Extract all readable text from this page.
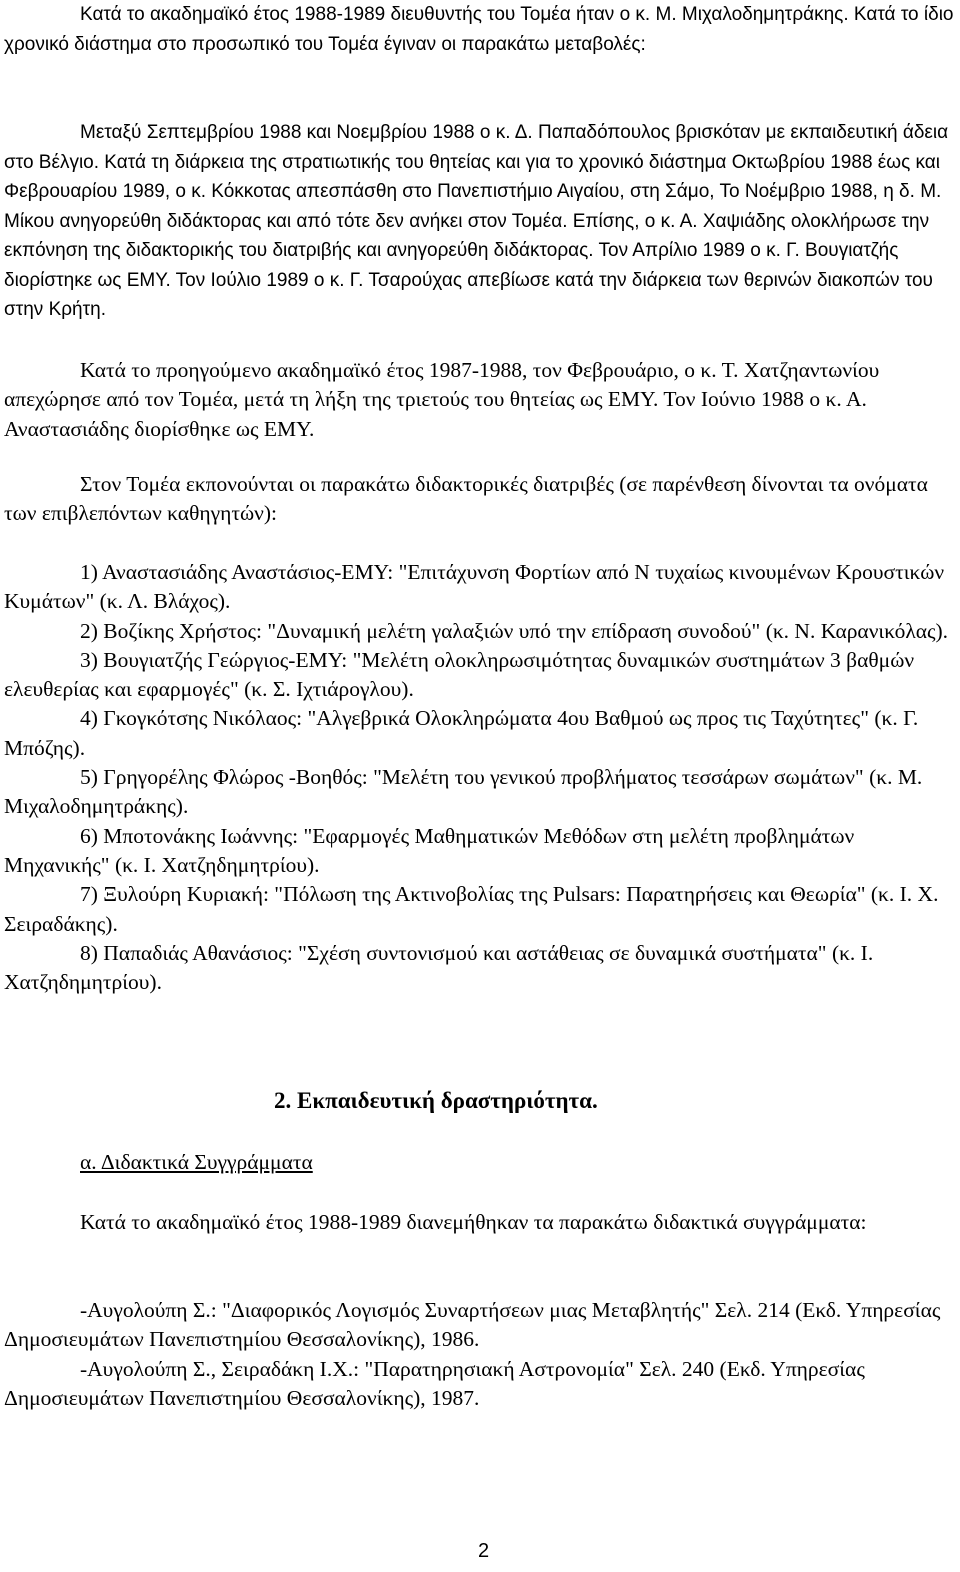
Κατά το ακαδημαϊκό έτος 1988-1989 διευθυντής του Τομέα ήταν ο κ. Μ. Μιχαλοδημητράκης. Κατά το ίδιο χρονικό διάστημα στο προσωπικό του Τομέα έγιναν οι παρακάτω μεταβολές:

Μεταξύ Σεπτεμβρίου 1988 και Νοεμβρίου 1988 ο κ. Δ. Παπαδόπουλος βρισκόταν με εκπαιδευτική άδεια στο Βέλγιο. Κατά τη διάρκεια της στρατιωτικής του θητείας και για το χρονικό διάστημα Οκτωβρίου 1988 έως και Φεβρουαρίου 1989, ο κ. Κόκκοτας απεσπάσθη στο Πανεπιστήμιο Αιγαίου, στη Σάμο, Το Νοέμβριο 1988, η δ. Μ. Μίκου ανηγορεύθη διδάκτορας και από τότε δεν ανήκει στον Τομέα. Επίσης, ο κ. Α. Χαψιάδης ολοκλήρωσε την εκπόνηση της διδακτορικής του διατριβής και ανηγορεύθη διδάκτορας. Τον Απρίλιο 1989 ο κ. Γ. Βουγιατζής διορίστηκε ως ΕΜΥ. Τον Ιούλιο 1989 ο κ. Γ. Τσαρούχας απεβίωσε κατά την διάρκεια των θερινών διακοπών του στην Κρήτη.

Κατά το προηγούμενο ακαδημαϊκό έτος 1987-1988, τον Φεβρουάριο, ο κ. Τ. Χατζηαντωνίου απεχώρησε από τον Τομέα, μετά τη λήξη της τριετούς του θητείας ως ΕΜΥ. Τον Ιούνιο 1988 ο κ. Α. Αναστασιάδης διορίσθηκε ως ΕΜΥ.

Στον Τομέα εκπονούνται οι παρακάτω διδακτορικές διατριβές (σε παρένθεση δίνονται τα ονόματα των επιβλεπόντων καθηγητών):

1) Αναστασιάδης Αναστάσιος-ΕΜΥ: "Επιτάχυνση Φορτίων από Ν τυχαίως κινουμένων Κρουστικών Κυμάτων" (κ. Λ. Βλάχος).

2) Βοζίκης Χρήστος: "Δυναμική μελέτη γαλαξιών υπό την επίδραση συνοδού" (κ. Ν. Καρανικόλας).

3) Βουγιατζής Γεώργιος-ΕΜΥ: "Μελέτη ολοκληρωσιμότητας δυναμικών συστημάτων 3 βαθμών ελευθερίας και εφαρμογές" (κ. Σ. Ιχτιάρογλου).

4) Γκογκότσης Νικόλαος: "Αλγεβρικά Ολοκληρώματα 4ου Βαθμού ως προς τις Ταχύτητες" (κ. Γ. Μπόζης).

5) Γρηγορέλης Φλώρος -Βοηθός: "Μελέτη του γενικού προβλήματος τεσσάρων σωμάτων" (κ. Μ. Μιχαλοδημητράκης).

6) Μποτονάκης Ιωάννης: "Εφαρμογές Μαθηματικών Μεθόδων στη μελέτη προβλημάτων Μηχανικής" (κ. Ι. Χατζηδημητρίου).

7) Ξυλούρη Κυριακή: "Πόλωση της Ακτινοβολίας της Pulsars: Παρατηρήσεις και Θεωρία" (κ. Ι. Χ. Σειραδάκης).

8) Παπαδιάς Αθανάσιος: "Σχέση συντονισμού και αστάθειας σε δυναμικά συστήματα" (κ. Ι. Χατζηδημητρίου).

2. Εκπαιδευτική δραστηριότητα.

α. Διδακτικά Συγγράμματα

Κατά το ακαδημαϊκό έτος 1988-1989 διανεμήθηκαν τα παρακάτω διδακτικά συγγράμματα:

-Αυγολούπη Σ.: "Διαφορικός Λογισμός Συναρτήσεων μιας Μεταβλητής" Σελ. 214 (Εκδ. Υπηρεσίας Δημοσιευμάτων Πανεπιστημίου Θεσσαλονίκης), 1986.

-Αυγολούπη Σ., Σειραδάκη Ι.Χ.: "Παρατηρησιακή Αστρονομία" Σελ. 240 (Εκδ. Υπηρεσίας Δημοσιευμάτων Πανεπιστημίου Θεσσαλονίκης), 1987.

2
